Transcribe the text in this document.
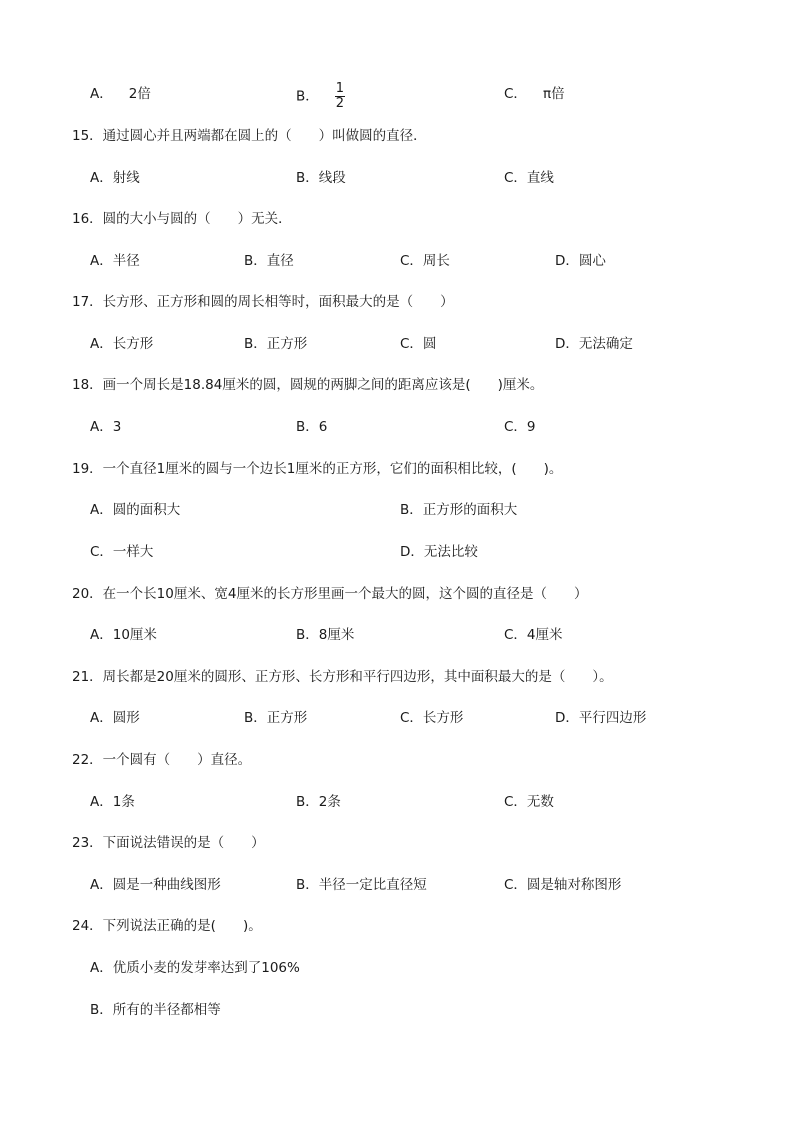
A． 2倍	B． $\frac{1}{2}$	C． π倍
15．通过圆心并且两端都在圆上的（　　）叫做圆的直径．
A．射线	B．线段	C．直线
16．圆的大小与圆的（　　）无关．
A．半径	B．直径	C．周长	D．圆心
17．长方形、正方形和圆的周长相等时，面积最大的是（　　）
A．长方形	B．正方形	C．圆	D．无法确定
18．画一个周长是18.84厘米的圆，圆规的两脚之间的距离应该是(　　)厘米。
A．3	B．6	C．9
19．一个直径1厘米的圆与一个边长1厘米的正方形，它们的面积相比较，(　　)。
A．圆的面积大	B．正方形的面积大
C．一样大	D．无法比较
20．在一个长10厘米、宽4厘米的长方形里画一个最大的圆，这个圆的直径是（　　）
A．10厘米	B．8厘米	C．4厘米
21．周长都是20厘米的圆形、正方形、长方形和平行四边形，其中面积最大的是（　　）。
A．圆形	B．正方形	C．长方形	D．平行四边形
22．一个圆有（　　）直径。
A．1条	B．2条	C．无数
23．下面说法错误的是（　　）
A．圆是一种曲线图形	B．半径一定比直径短	C．圆是轴对称图形
24．下列说法正确的是(　　)。
A．优质小麦的发芽率达到了106%
B．所有的半径都相等
